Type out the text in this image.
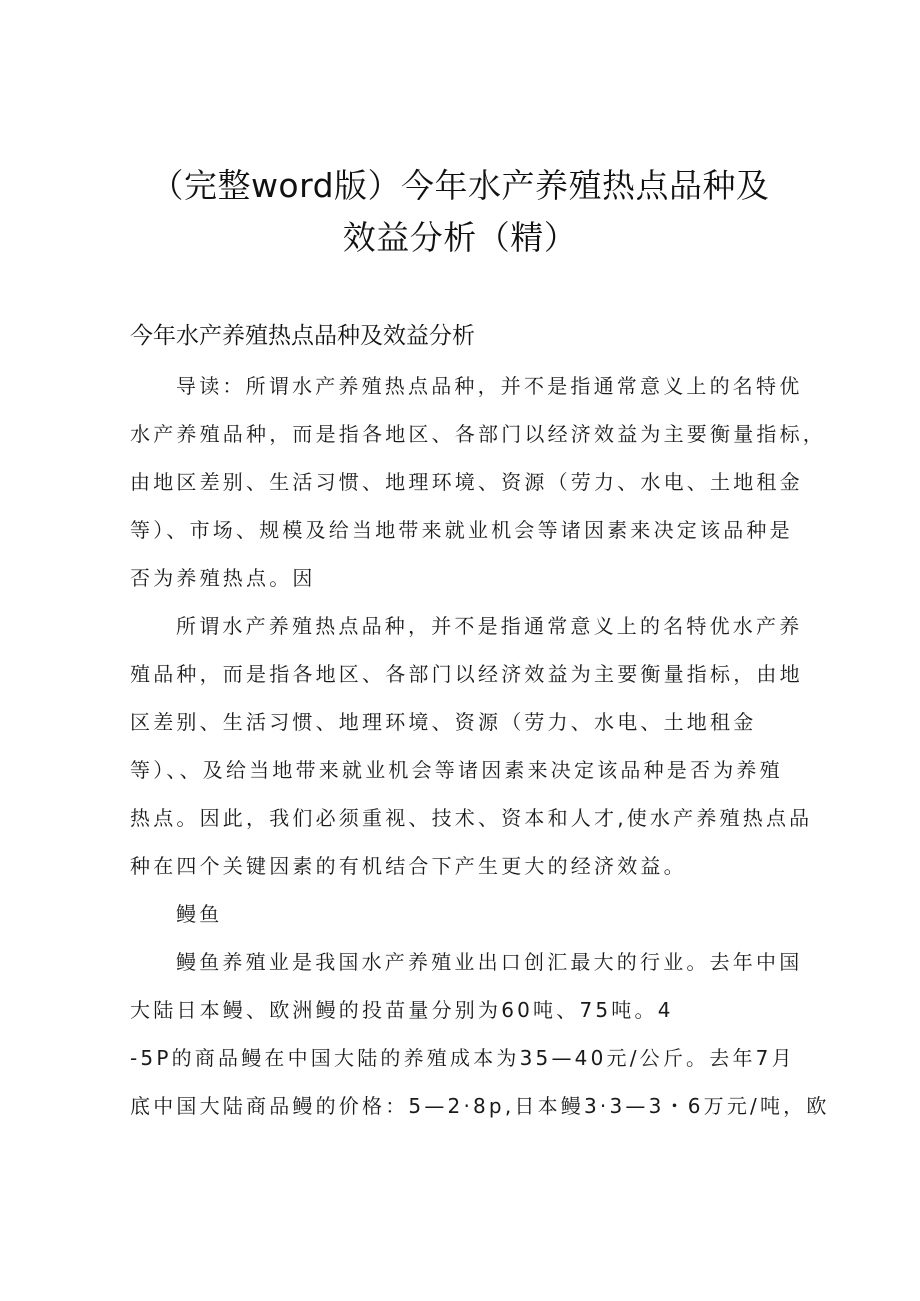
（完整word版）今年水产养殖热点品种及
效益分析（精）
今年水产养殖热点品种及效益分析
导读：所谓水产养殖热点品种，并不是指通常意义上的名特优
水产养殖品种，而是指各地区、各部门以经济效益为主要衡量指标，
由地区差别、生活习惯、地理环境、资源（劳力、水电、土地租金
等）、市场、规模及给当地带来就业机会等诸因素来决定该品种是
否为养殖热点。因
所谓水产养殖热点品种，并不是指通常意义上的名特优水产养
殖品种，而是指各地区、各部门以经济效益为主要衡量指标，由地
区差别、生活习惯、地理环境、资源（劳力、水电、土地租金
等）、、及给当地带来就业机会等诸因素来决定该品种是否为养殖
热点。因此，我们必须重视、技术、资本和人才,使水产养殖热点品
种在四个关键因素的有机结合下产生更大的经济效益。
鳗鱼
鳗鱼养殖业是我国水产养殖业出口创汇最大的行业。去年中国
大陆日本鳗、欧洲鳗的投苗量分别为60吨、75吨。4
-5P的商品鳗在中国大陆的养殖成本为35—40元/公斤。去年7月
底中国大陆商品鳗的价格：5—2·8p,日本鳗3·3—3・6万元/吨，欧
